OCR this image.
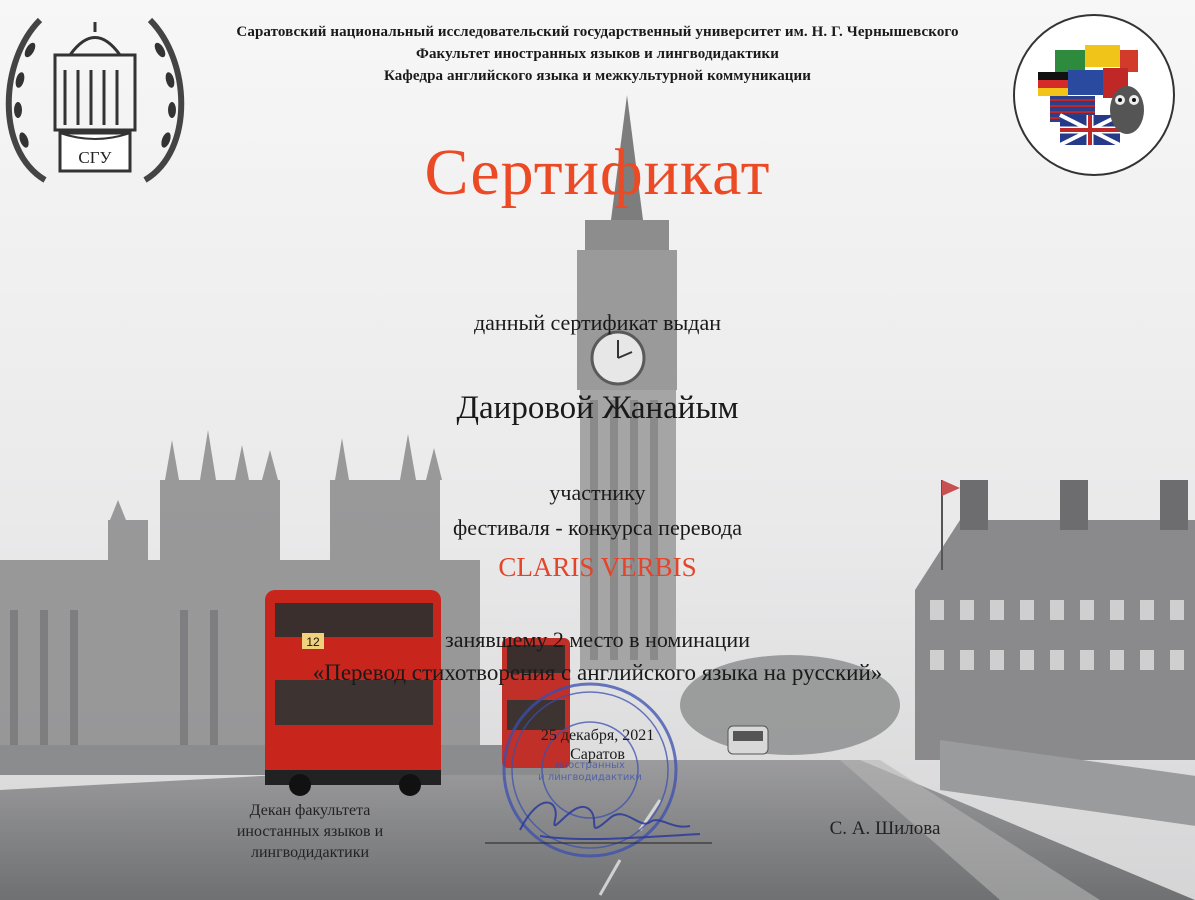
12
СГУ
иностранных
и лингводидактики
Саратовский национальный исследовательский государственный университет им. Н. Г. Чернышевского
Факультет иностранных языков и лингводидактики
Кафедра английского языка и межкультурной коммуникации
Сертификат
данный сертификат выдан
Даировой Жанайым
участнику
фестиваля - конкурса перевода
CLARIS VERBIS
занявшему 2 место в номинации
«Перевод стихотворения с английского языка на русский»
25 декабря, 2021
Саратов
Декан факультета
иностанных языков и
лингводидактики
С. А. Шилова
